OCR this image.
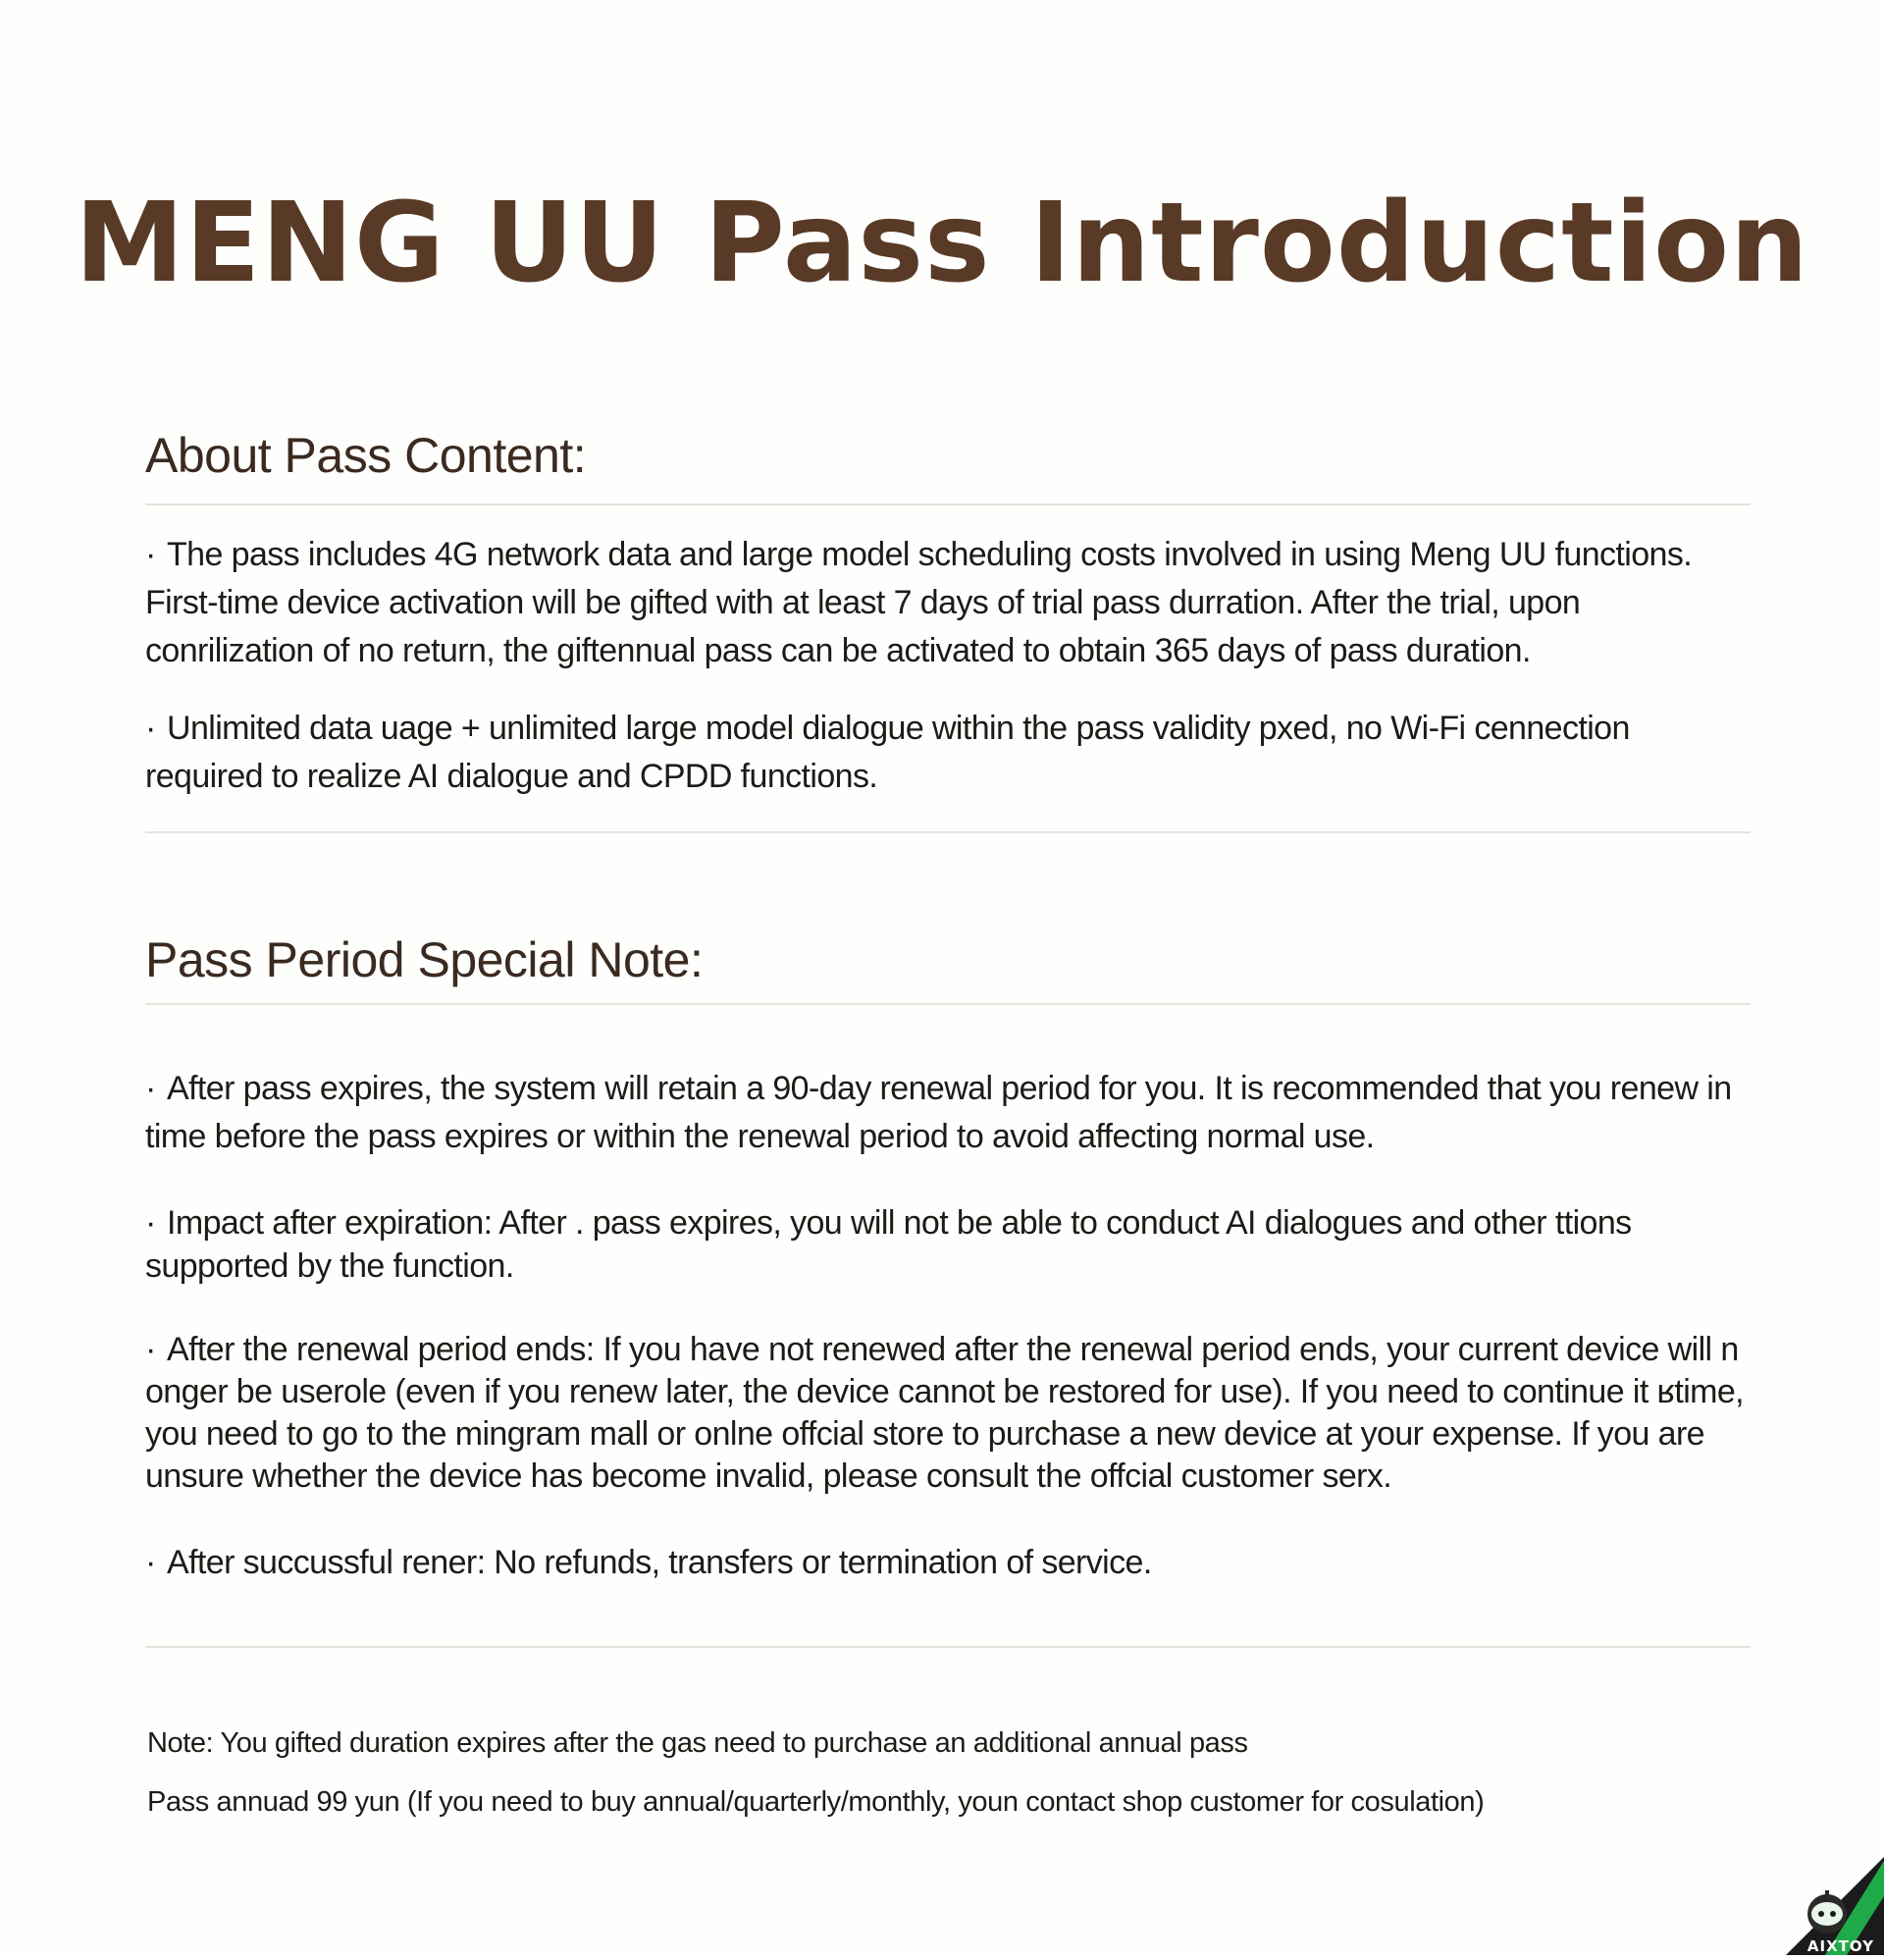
MENG UU Pass Introduction
About Pass Content:

· The pass includes 4G network data and large model scheduling costs involved in using Meng UU functions. First-time device activation will be gifted with at least 7 days of trial pass durration. After the trial, upon conrilization of no return, the giftennual pass can be activated to obtain 365 days of pass duration.

· Unlimited data uage + unlimited large model dialogue within the pass validity pxed, no Wi-Fi cennection required to realize AI dialogue and CPDD functions.

Pass Period Special Note:

· After pass expires, the system will retain a 90-day renewal period for you. It is recommended that you renew in time before the pass expires or within the renewal period to avoid affecting normal use.

· Impact after expiration: After . pass expires, you will not be able to conduct AI dialogues and other ttions supported by the function.

· After the renewal period ends: If you have not renewed after the renewal period ends, your current device will n onger be userole (even if you renew later, the device cannot be restored for use). If you need to continue it ʁtime, you need to go to the mingram mall or onlne offcial store to purchase a new device at your expense. If you are unsure whether the device has become invalid, please consult the offcial customer serx.

· After succussful rener: No refunds, transfers or termination of service.

Note: You gifted duration expires after the gas need to purchase an additional annual pass

Pass annuad 99 yun (If you need to buy annual/quarterly/monthly, youn contact shop customer for cosulation)

AIXTOY
